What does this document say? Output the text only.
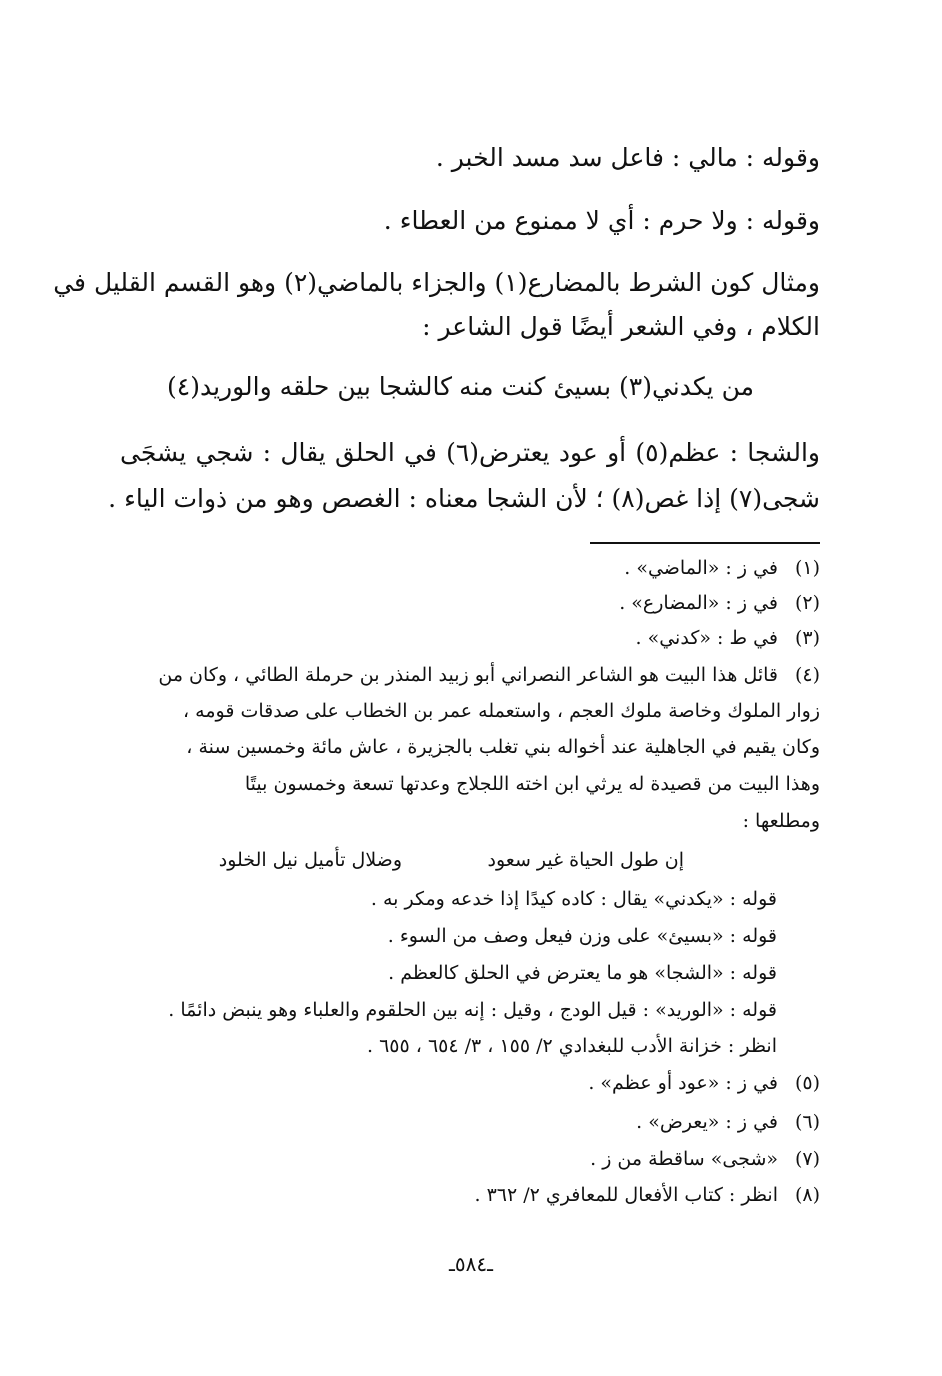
وقوله : مالي : فاعل سد مسد الخبر .
وقوله : ولا حرم : أي لا ممنوع من العطاء .
ومثال كون الشرط بالمضارع(١) والجزاء بالماضي(٢) وهو القسم القليل في
الكلام ، وفي الشعر أيضًا قول الشاعر :
من يكدني(٣) بسيئ كنت منه
كالشجا بين حلقه والوريد(٤)
والشجا : عظم(٥) أو عود يعترض(٦) في الحلق يقال : شجي يشجَى
شجى(٧) إذا غص(٨) ؛ لأن الشجا معناه : الغصص وهو من ذوات الياء .
(١)في ز : «الماضي» .
(٢)في ز : «المضارع» .
(٣)في ط : «كدني» .
(٤)قائل هذا البيت هو الشاعر النصراني أبو زبيد المنذر بن حرملة الطائي ، وكان من
زوار الملوك وخاصة ملوك العجم ، واستعمله عمر بن الخطاب على صدقات قومه ،
وكان يقيم في الجاهلية عند أخواله بني تغلب بالجزيرة ، عاش مائة وخمسين سنة ،
وهذا البيت من قصيدة له يرثي ابن اخته اللجلاج وعدتها تسعة وخمسون بيتًا
ومطلعها :
إن طول الحياة غير سعود
وضلال تأميل نيل الخلود
قوله : «يكدني» يقال : كاده كيدًا إذا خدعه ومكر به .
قوله : «بسيئ» على وزن فيعل وصف من السوء .
قوله : «الشجا» هو ما يعترض في الحلق كالعظم .
قوله : «الوريد» : قيل الودج ، وقيل : إنه بين الحلقوم والعلباء وهو ينبض دائمًا .
انظر : خزانة الأدب للبغدادي ٢/ ١٥٥ ، ٣/ ٦٥٤ ، ٦٥٥ .
(٥)في ز : «عود أو عظم» .
(٦)في ز : «يعرض» .
(٧)«شجى» ساقطة من ز .
(٨)انظر : كتاب الأفعال للمعافري ٢/ ٣٦٢ .
ـ٥٨٤ـ
